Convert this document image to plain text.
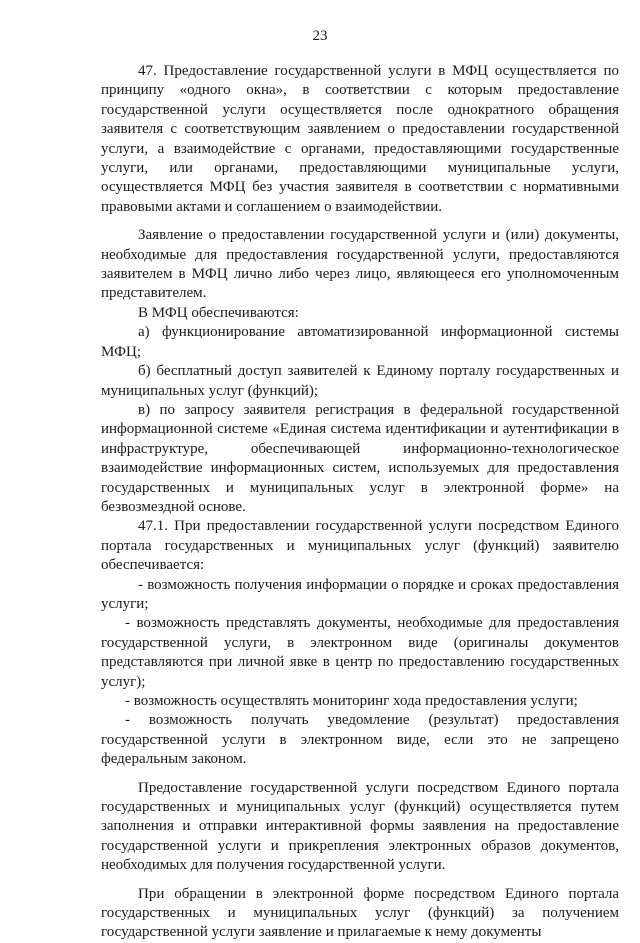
23

47. Предоставление государственной услуги в МФЦ осуществляется по принципу «одного окна», в соответствии с которым предоставление государственной услуги осуществляется после однократного обращения заявителя с соответствующим заявлением о предоставлении государственной услуги, а взаимодействие с органами, предоставляющими государственные услуги, или органами, предоставляющими муниципальные услуги, осуществляется МФЦ без участия заявителя в соответствии с нормативными правовыми актами и соглашением о взаимодействии.

Заявление о предоставлении государственной услуги и (или) документы, необходимые для предоставления государственной услуги, предоставляются заявителем в МФЦ лично либо через лицо, являющееся его уполномоченным представителем.

В МФЦ обеспечиваются:

а) функционирование автоматизированной информационной системы МФЦ;

б) бесплатный доступ заявителей к Единому порталу государственных и муниципальных услуг (функций);

в) по запросу заявителя регистрация в федеральной государственной информационной системе «Единая система идентификации и аутентификации в инфраструктуре, обеспечивающей информационно-технологическое взаимодействие информационных систем, используемых для предоставления государственных и муниципальных услуг в электронной форме» на безвозмездной основе.

47.1. При предоставлении государственной услуги посредством Единого портала государственных и муниципальных услуг (функций) заявителю обеспечивается:

- возможность получения информации о порядке и сроках предоставления услуги;

- возможность представлять документы, необходимые для предоставления государственной услуги, в электронном виде (оригиналы документов представляются при личной явке в центр по предоставлению государственных услуг);

- возможность осуществлять мониторинг хода предоставления услуги;

- возможность получать уведомление (результат) предоставления государственной услуги в электронном виде, если это не запрещено федеральным законом.

Предоставление государственной услуги посредством Единого портала государственных и муниципальных услуг (функций) осуществляется путем заполнения и отправки интерактивной формы заявления на предоставление государственной услуги и прикрепления электронных образов документов, необходимых для получения государственной услуги.

При обращении в электронной форме посредством Единого портала государственных и муниципальных услуг (функций) за получением государственной услуги заявление и прилагаемые к нему документы
